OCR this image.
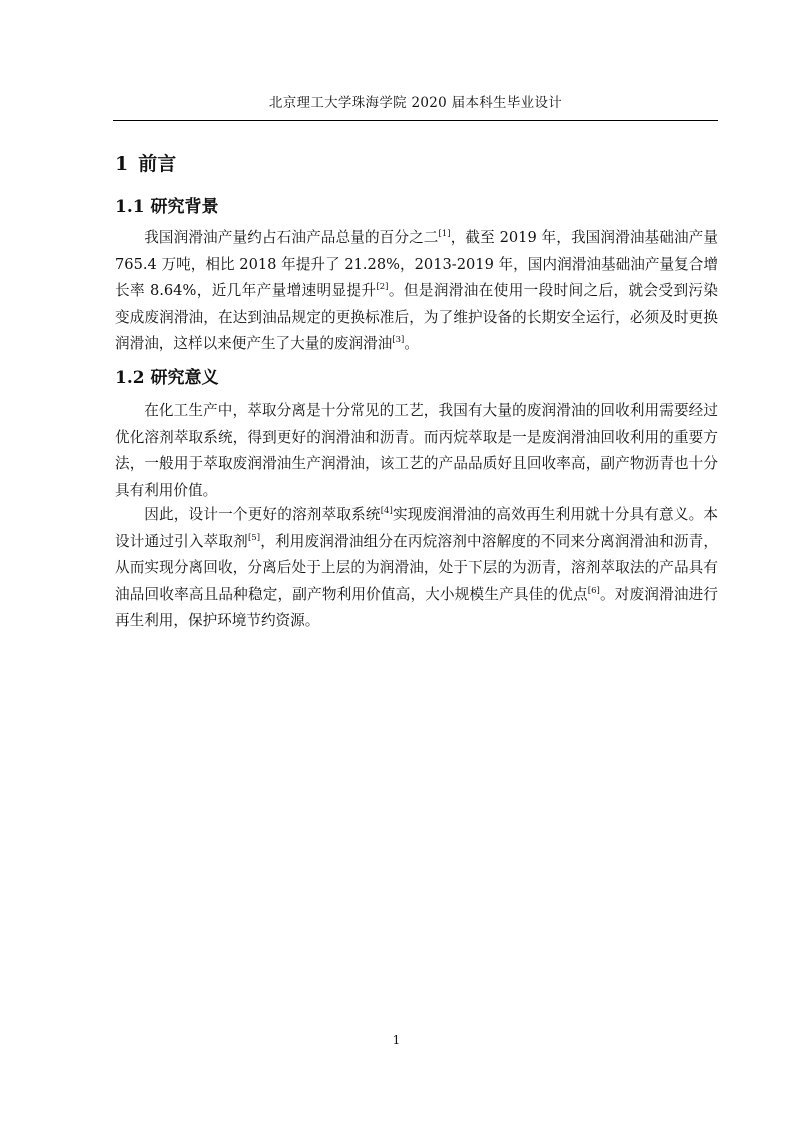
北京理工大学珠海学院 2020 届本科生毕业设计
1 前言
1.1 研究背景

我国润滑油产量约占石油产品总量的百分之二[1]，截至 2019 年，我国润滑油基础油产量 765.4 万吨，相比 2018 年提升了 21.28%，2013-2019 年，国内润滑油基础油产量复合增长率 8.64%，近几年产量增速明显提升[2]。但是润滑油在使用一段时间之后，就会受到污染变成废润滑油，在达到油品规定的更换标准后，为了维护设备的长期安全运行，必须及时更换润滑油，这样以来便产生了大量的废润滑油[3]。

1.2 研究意义

在化工生产中，萃取分离是十分常见的工艺，我国有大量的废润滑油的回收利用需要经过优化溶剂萃取系统，得到更好的润滑油和沥青。而丙烷萃取是一是废润滑油回收利用的重要方法，一般用于萃取废润滑油生产润滑油，该工艺的产品品质好且回收率高，副产物沥青也十分具有利用价值。

因此，设计一个更好的溶剂萃取系统[4]实现废润滑油的高效再生利用就十分具有意义。本设计通过引入萃取剂[5]，利用废润滑油组分在丙烷溶剂中溶解度的不同来分离润滑油和沥青，从而实现分离回收，分离后处于上层的为润滑油，处于下层的为沥青，溶剂萃取法的产品具有油品回收率高且品种稳定，副产物利用价值高，大小规模生产具佳的优点[6]。对废润滑油进行再生利用，保护环境节约资源。

1
